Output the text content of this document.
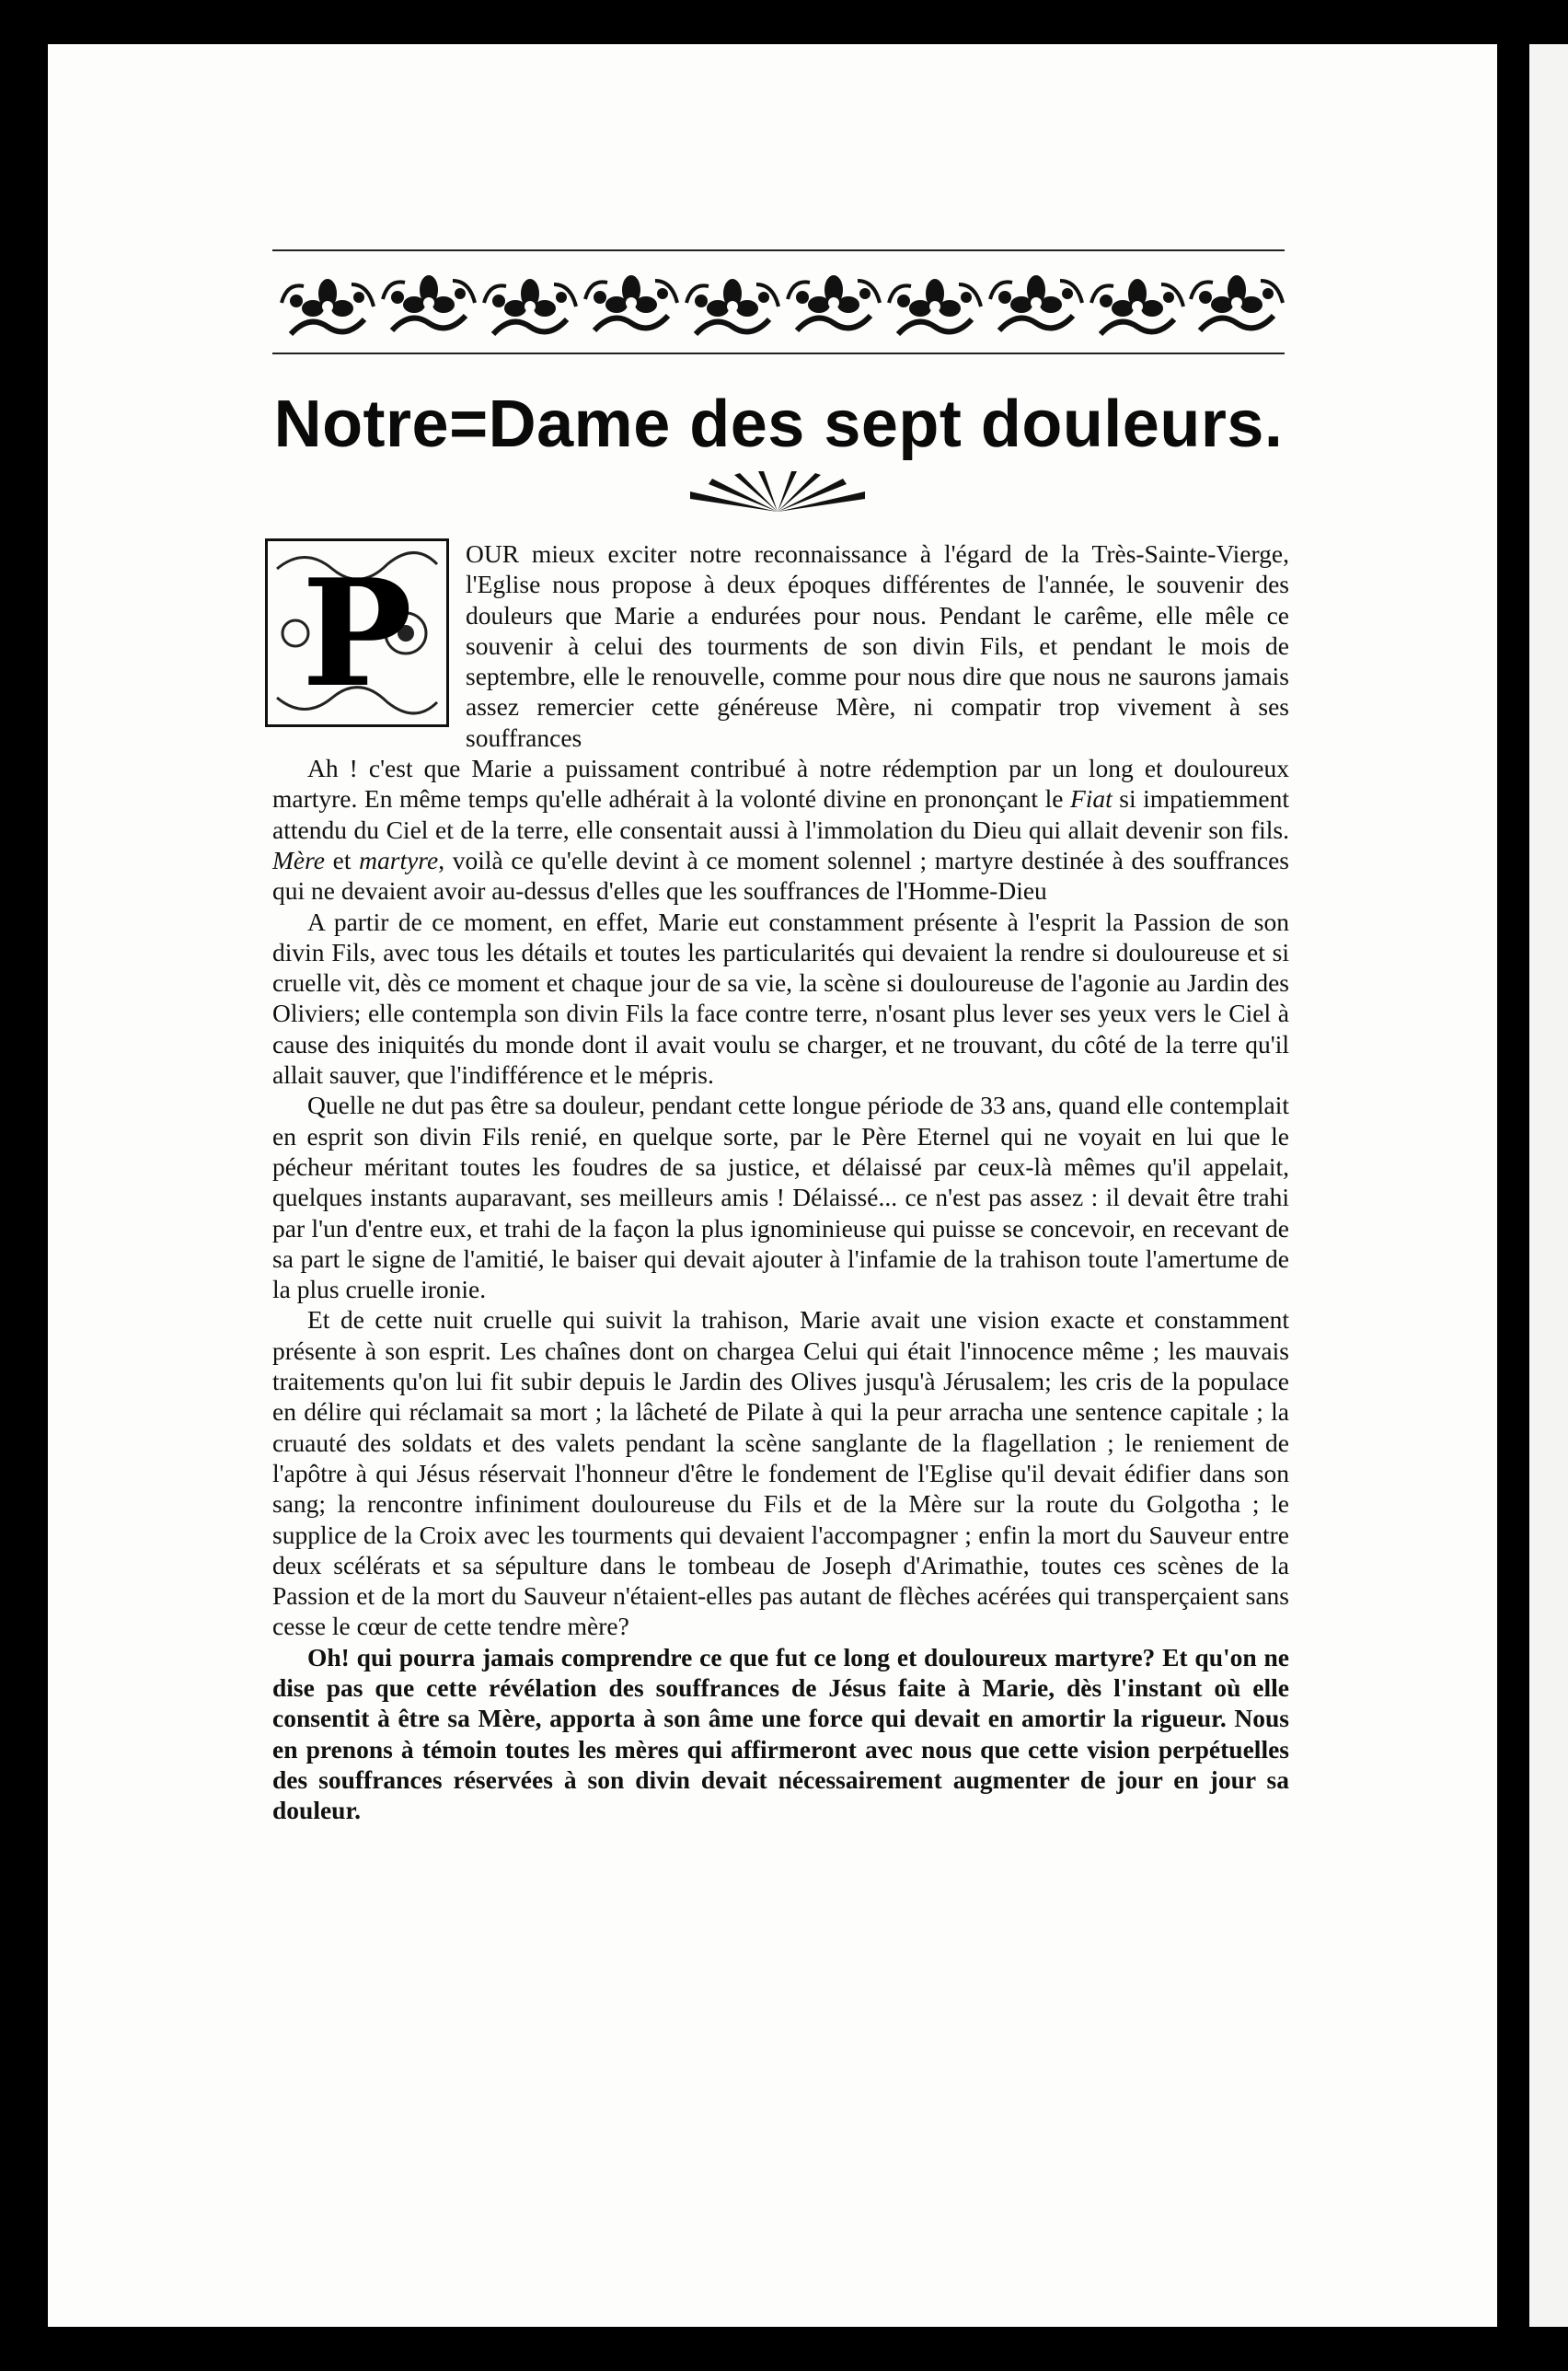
Notre=Dame des sept douleurs.
P	OUR mieux exciter notre reconnaissance à l'égard de la Très-Sainte-Vierge, l'Eglise nous propose à deux époques différentes de l'année, le souvenir des douleurs que Marie a endurées pour nous. Pendant le carême, elle mêle ce souvenir à celui des tourments de son divin Fils, et pendant le mois de septembre, elle le renouvelle, comme pour nous dire que nous ne saurons jamais assez remercier cette généreuse Mère, ni compatir trop vivement à ses souffrances

Ah ! c'est que Marie a puissament contribué à notre rédemption par un long et douloureux martyre. En même temps qu'elle adhérait à la volonté divine en prononçant le Fiat si impatiemment attendu du Ciel et de la terre, elle consentait aussi à l'immolation du Dieu qui allait devenir son fils. Mère et martyre, voilà ce qu'elle devint à ce moment solennel ; martyre destinée à des souffrances qui ne devaient avoir au-dessus d'elles que les souffrances de l'Homme-Dieu

A partir de ce moment, en effet, Marie eut constamment présente à l'esprit la Passion de son divin Fils, avec tous les détails et toutes les particularités qui devaient la rendre si douloureuse et si cruelle vit, dès ce moment et chaque jour de sa vie, la scène si douloureuse de l'agonie au Jardin des Oliviers; elle contempla son divin Fils la face contre terre, n'osant plus lever ses yeux vers le Ciel à cause des iniquités du monde dont il avait voulu se charger, et ne trouvant, du côté de la terre qu'il allait sauver, que l'indifférence et le mépris.

Quelle ne dut pas être sa douleur, pendant cette longue période de 33 ans, quand elle contemplait en esprit son divin Fils renié, en quelque sorte, par le Père Eternel qui ne voyait en lui que le pécheur méritant toutes les foudres de sa justice, et délaissé par ceux-là mêmes qu'il appelait, quelques instants auparavant, ses meilleurs amis ! Délaissé... ce n'est pas assez : il devait être trahi par l'un d'entre eux, et trahi de la façon la plus ignominieuse qui puisse se concevoir, en recevant de sa part le signe de l'amitié, le baiser qui devait ajouter à l'infamie de la trahison toute l'amertume de la plus cruelle ironie.

Et de cette nuit cruelle qui suivit la trahison, Marie avait une vision exacte et constamment présente à son esprit. Les chaînes dont on chargea Celui qui était l'innocence même ; les mauvais traitements qu'on lui fit subir depuis le Jardin des Olives jusqu'à Jérusalem; les cris de la populace en délire qui réclamait sa mort ; la lâcheté de Pilate à qui la peur arracha une sentence capitale ; la cruauté des soldats et des valets pendant la scène sanglante de la flagellation ; le reniement de l'apôtre à qui Jésus réservait l'honneur d'être le fondement de l'Eglise qu'il devait édifier dans son sang; la rencontre infiniment douloureuse du Fils et de la Mère sur la route du Golgotha ; le supplice de la Croix avec les tourments qui devaient l'accompagner ; enfin la mort du Sauveur entre deux scélérats et sa sépulture dans le tombeau de Joseph d'Arimathie, toutes ces scènes de la Passion et de la mort du Sauveur n'étaient-elles pas autant de flèches acérées qui transperçaient sans cesse le cœur de cette tendre mère?

Oh! qui pourra jamais comprendre ce que fut ce long et douloureux martyre? Et qu'on ne dise pas que cette révélation des souffrances de Jésus faite à Marie, dès l'instant où elle consentit à être sa Mère, apporta à son âme une force qui devait en amortir la rigueur. Nous en prenons à témoin toutes les mères qui affirmeront avec nous que cette vision perpétuelles des souffrances réservées à son divin devait nécessairement augmenter de jour en jour sa douleur.
